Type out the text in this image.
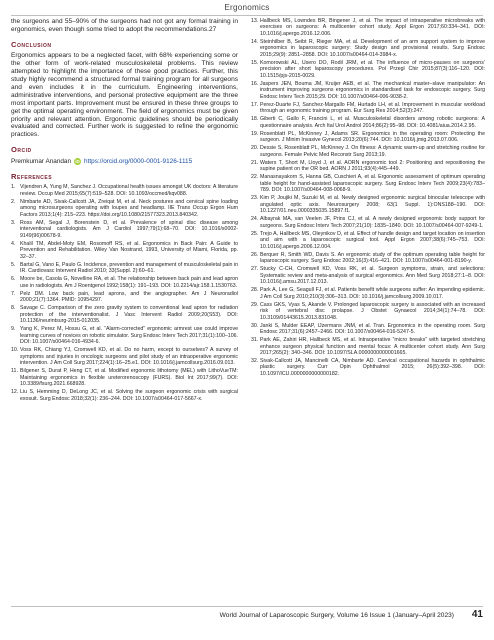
Ergonomics

the surgeons and 55–90% of the surgeons had not got any formal training in ergonomics, even though some tried to adopt the recommendations.27

Conclusion

Ergonomics appears to be a neglected facet, with 68% experiencing some or the other form of work-related musculoskeletal problems. This review attempted to highlight the importance of these good practices. Further, this study highly recommend a structured formal training program for all surgeons and even includes it in the curriculum. Engineering interventions, administrative interventions, and personal protective equipment are the three most important parts. Improvement must be ensured in these three groups to get the optimal operating environment. The field of ergonomics must be given priority and relevant attention. Ergonomic guidelines should be periodically evaluated and corrected. Further work is suggested to refine the ergonomic practices.

Orcid
Premkumar Anandan iD https://orcid.org/0000-0001-9126-1115
References
1. Vijendren A, Yung M, Sanchez J. Occupational health issues amongst UK doctors: A literature review. Occup Med 2015;65(7):519–528. DOI: 10.1093/occmed/kqv088.
2. Nimbarte AD, Sivak-Callcott JA, Zreiqat M, et al. Neck postures and cervical spine loading among microsurgeons operating with loupes and headlamp. IIE Trans Occup Ergon Hum Factors 2013;1(4): 215–223. https://doi.org/10.1080/21577323.2013.840342.
3. Ross AM, Segal J, Borenstein D, et al. Prevalence of spinal disc disease among interventional cardiologists. Am J Cardiol 1997;79(1):68–70. DOI: 10.1016/s0002-9149(96)00678-9.
4. Khalil TM, Abdel-Moty EM, Rosomoff RS, et al. Ergonomics in Back Pain: A Guide to Prevention and Rehabilitation. Wiley Van Nostrand, 1993, University of Miami, Florida, pp. 32–37.
5. Bartal G, Vano E, Paulo G. Incidence, prevention and management of musculoskeletal pain in IR. Cardiovasc Intervent Radiol 2010; 33(Suppl. 2):60–61.
6. Moore be, Casola G, Novelline RA, et al. The relationship between back pain and lead apron use in radiologists. Am J Roentgenol 1992;158(1): 191–193. DOI: 10.2214/ajr.158.1.1530763.
7. Pelz DM. Low back pain, lead aprons, and the angiographer. Am J Neuroradiol 2000;21(7):1364. PMID: 10954297.
8. Savage C. Comparison of the zero gravity system to conventional lead apron for radiation protection of the interventionalist. J Vasc Intervent Radiol 2009;20(S53). DOI: 10.1136/neurintsurg-2015-012035.
9. Yang K, Perez M, Hossu G, et al. “Alarm-corrected” ergonomic armrest use could improve learning curves of novices on robotic simulator. Surg Endosc Interv Tech 2017;31(1):100–106. DOI: 10.1007/s00464-016-4934-6.
10. Voss RK, Chiang YJ, Cromwell KD, et al. Do no harm, except to ourselves? A survey of symptoms and injuries in oncologic surgeons and pilot study of an intraoperative ergonomic intervention. J Am Coll Surg 2017;224(1):16–25.e1. DOI: 10.1016/j.jamcollsurg.2016.09.013.
11. Bilgener S, Durat P, Heng CT, et al. Modified ergonomic lithotomy (MEL) with LithoVueTM: Maintaining ergonomics in flexible ureterorenoscopy (FURS). Biol Int 2017;99(7). DOI: 10.3389/fsurg.2021.668928.
12. Liu S, Hemming D, DeLong JC, et al. Solving the surgeon ergonomic crisis with surgical exosuit. Surg Endosc 2018;32(1): 236–244. DOI: 10.1007/s00464-017-5667-x.
13. Hallbeck MS, Lowndes BR, Bingener J, et al. The impact of intraoperative microbreaks with exercises on surgeons: A multicenter cohort study. Appl Ergon 2017;60:334–341. DOI: 10.1016/j.apergo.2016.12.006.
14. Steinhilber B, Seibt R, Rieger MA, et al. Development of an arm support system to improve ergonomics in laparoscopic surgery: Study design and provisional results. Surg Endosc 2015;29(9): 2851–2858. DOI: 10.1007/s00464-014-3984-x.
15. Komorowski AL, Usero DO, Rodil JRM, et al. The influence of micro-pauses on surgeons’ precision after short laparoscopy procedures. Pol Przegl Chir 2015;87(3):116–120. DOI: 10.1515/pjs-2015-0029.
16. Jaspers JEN, Bouma JM, Kruijer AEB, et al. The mechanical master–slave manipulator: An instrument improving surgeons ergonomics in standardised task for endoscopic surgery. Surg Endosc Interv Tech 2015;29. DOI: 10.1007/s00464-006-9038-2.
17. Perez-Duarte FJ, Sanchez-Margallo FM, Hurtado LH, et al. Improvement in muscular workload through an ergonomic training program. Eur Surg Res 2014;52(3):247.
18. Giberti C, Gallo F, Francini L, et al. Musculoskeletal disorders among robotic surgeons: A questionnaire analysis. Arch Ital Urol Androl 2014;86(2):95–98. DOI: 10.4081/aiua.2014.2.95.
19. Rosenblatt PL, McKinney J, Adams SR. Ergonomics in the operating room: Protecting the surgeon. J Minim Invasive Gynecol 2013;20(6):744. DOI: 10.1016/j.jmig.2013.07.006.
20. Dessie S, Rosenblatt PL, McKinney J. On fitness: A dynamic warm-up and stretching routine for surgeons. Female Pelvic Med Reconstr Surg 2013;19.
21. Waters T, Short M, Lloyd J, et al. AORN ergonomic tool 2: Positioning and repositioning the supine patient on the OR bed. AORN J 2011;93(4):445–449.
22. Manasnayakorn S, Hanna GB, Cuschieri A, et al. Ergonomic assessment of optimum operating table height for hand-assisted laparoscopic surgery. Surg Endosc Interv Tech 2009;23(4):783–789. DOI: 10.1007/s00464-008-0068-9.
23. Kim P, Joujiki M, Suzuki M, et al. Newly designed ergonomic surgical binocular telescope with angulated optic axis. Neurosurgery 2008; 63(1 Suppl. 1):ONS188–190. DOI: 10.1227/01.neu.0000335035.15897.f1.
24. Albayrak MA, van Veelen JF, Prins CJ, et al. A newly designed ergonomic body support for surgeons. Surg Endosc Interv Tech 2007;21(10): 1835–1840. DOI: 10.1007/s00464-007-9249-1.
25. Trejo A, Hallbeck MS, Oleynikov D, et al. Effect of handle design and target location on insertion and aim with a laparoscopic surgical tool. Appl Ergon 2007;38(6):745–753. DOI: 10.1016/j.apergo.2006.12.004.
26. Berquer R, Smith WD, Davis S. An ergonomic study of the optimum operating table height for laparoscopic surgery. Surg Endosc 2002;16(3):416–421. DOI: 10.1007/s00464-001-8190-y.
27. Stucky C-CH, Cromwell KD, Voss RK, et al. Surgeon symptoms, strain, and selections: Systematic review and meta-analysis of surgical ergonomics. Ann Med Surg 2018;27:1–8. DOI: 10.1016/j.amsu.2017.12.013.
28. Park A, Lee G, Seagull FJ, et al. Patients benefit while surgeons suffer: An impending epidemic. J Am Coll Surg 2010;210(3):306–313. DOI: 10.1016/j.jamcollsurg.2009.10.017.
29. Cass GKS, Vyas S, Akande V. Prolonged laparoscopic surgery is associated with an increased risk of vertebral disc prolapse. J Obstet Gynaecol 2014;34(1):74–78. DOI: 10.3109/01443615.2013.831048.
30. Janki S, Mulder EEAP, IJzermans JNM, et al. Tran. Ergonomics in the operating room. Surg Endosc 2017;31(6):2457–2466. DOI: 10.1007/s00464-016-5247-5.
31. Park AE, Zahiri HR, Hallbeck MS, et al. Intraoperative “micro breaks” with targeted stretching enhance surgeon physical function and mental focus: A multicenter cohort study. Ann Surg 2017;265(2): 340–346. DOI: 10.1097/SLA.0000000000001665.
32. Sivak-Callcott JA, Mancinelli CA, Nimbarte AD. Cervical occupational hazards in ophthalmic plastic surgery. Curr Opin Ophthalmol 2015; 26(5):392–398. DOI: 10.1097/ICU.0000000000000182.
World Journal of Laparoscopic Surgery, Volume 16 Issue 1 (January–April 2023) 41
